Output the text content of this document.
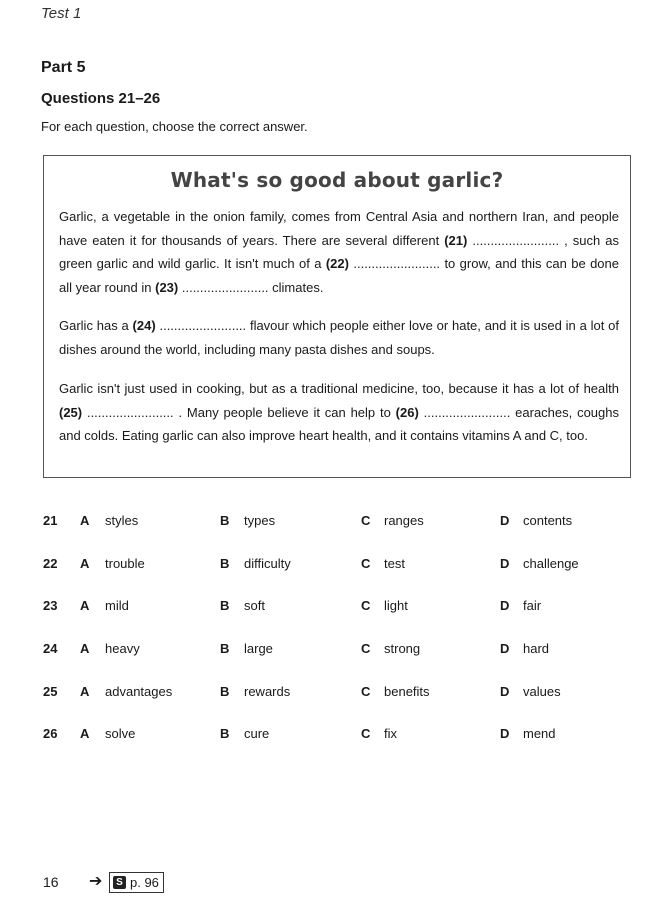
Test 1
Part 5
Questions 21–26
For each question, choose the correct answer.
What's so good about garlic?

Garlic, a vegetable in the onion family, comes from Central Asia and northern Iran, and people have eaten it for thousands of years. There are several different (21) ........................ , such as green garlic and wild garlic. It isn't much of a (22) ........................ to grow, and this can be done all year round in (23) ........................ climates.

Garlic has a (24) ........................ flavour which people either love or hate, and it is used in a lot of dishes around the world, including many pasta dishes and soups.

Garlic isn't just used in cooking, but as a traditional medicine, too, because it has a lot of health (25) ........................ . Many people believe it can help to (26) ........................ earaches, coughs and colds. Eating garlic can also improve heart health, and it contains vitamins A and C, too.

21 A styles	B types	C ranges	D contents
22 A trouble	B difficulty	C test	D challenge
23 A mild	B soft	C light	D fair
24 A heavy	B large	C strong	D hard
25 A advantages	B rewards	C benefits	D values
26 A solve	B cure	C fix	D mend
16 ➔	S p. 96
